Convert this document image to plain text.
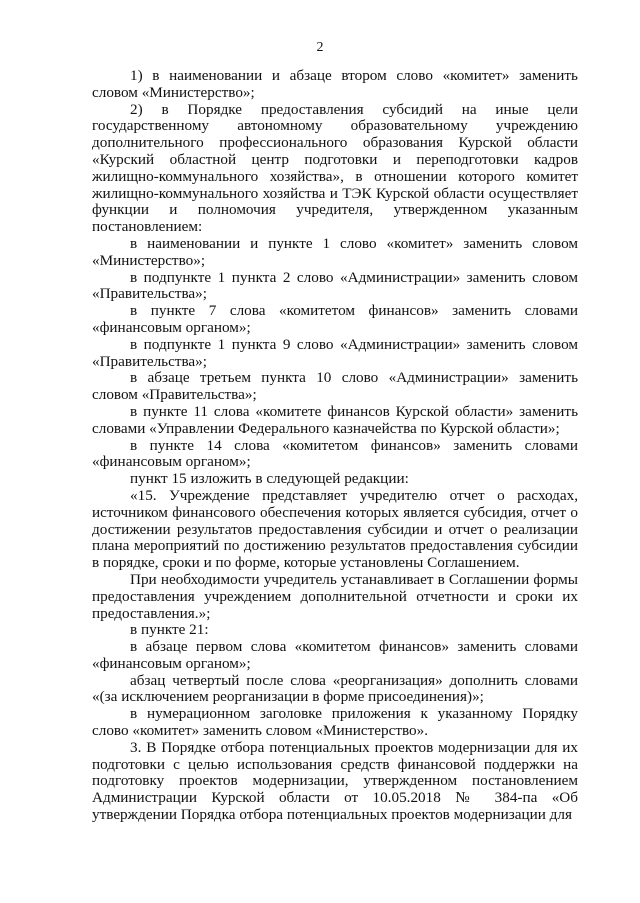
2

1) в наименовании и абзаце втором слово «комитет» заменить словом «Министерство»;

2) в Порядке предоставления субсидий на иные цели государственному автономному образовательному учреждению дополнительного профессионального образования Курской области «Курский областной центр подготовки и переподготовки кадров жилищно-коммунального хозяйства», в отношении которого комитет жилищно-коммунального хозяйства и ТЭК Курской области осуществляет функции и полномочия учредителя, утвержденном указанным постановлением:

в наименовании и пункте 1 слово «комитет» заменить словом «Министерство»;

в подпункте 1 пункта 2 слово «Администрации» заменить словом «Правительства»;

в пункте 7 слова «комитетом финансов» заменить словами «финансовым органом»;

в подпункте 1 пункта 9 слово «Администрации» заменить словом «Правительства»;

в абзаце третьем пункта 10 слово «Администрации» заменить словом «Правительства»;

в пункте 11 слова «комитете финансов Курской области» заменить словами «Управлении Федерального казначейства по Курской области»;

в пункте 14 слова «комитетом финансов» заменить словами «финансовым органом»;

пункт 15 изложить в следующей редакции:

«15. Учреждение представляет учредителю отчет о расходах, источником финансового обеспечения которых является субсидия, отчет о достижении результатов предоставления субсидии и отчет о реализации плана мероприятий по достижению результатов предоставления субсидии в порядке, сроки и по форме, которые установлены Соглашением.

При необходимости учредитель устанавливает в Соглашении формы предоставления учреждением дополнительной отчетности и сроки их предоставления.»;

в пункте 21:

в абзаце первом слова «комитетом финансов» заменить словами «финансовым органом»;

абзац четвертый после слова «реорганизация» дополнить словами «(за исключением реорганизации в форме присоединения)»;

в нумерационном заголовке приложения к указанному Порядку слово «комитет» заменить словом «Министерство».

3. В Порядке отбора потенциальных проектов модернизации для их подготовки с целью использования средств финансовой поддержки на подготовку проектов модернизации, утвержденном постановлением Администрации Курской области от 10.05.2018 № 384-па «Об утверждении Порядка отбора потенциальных проектов модернизации для
